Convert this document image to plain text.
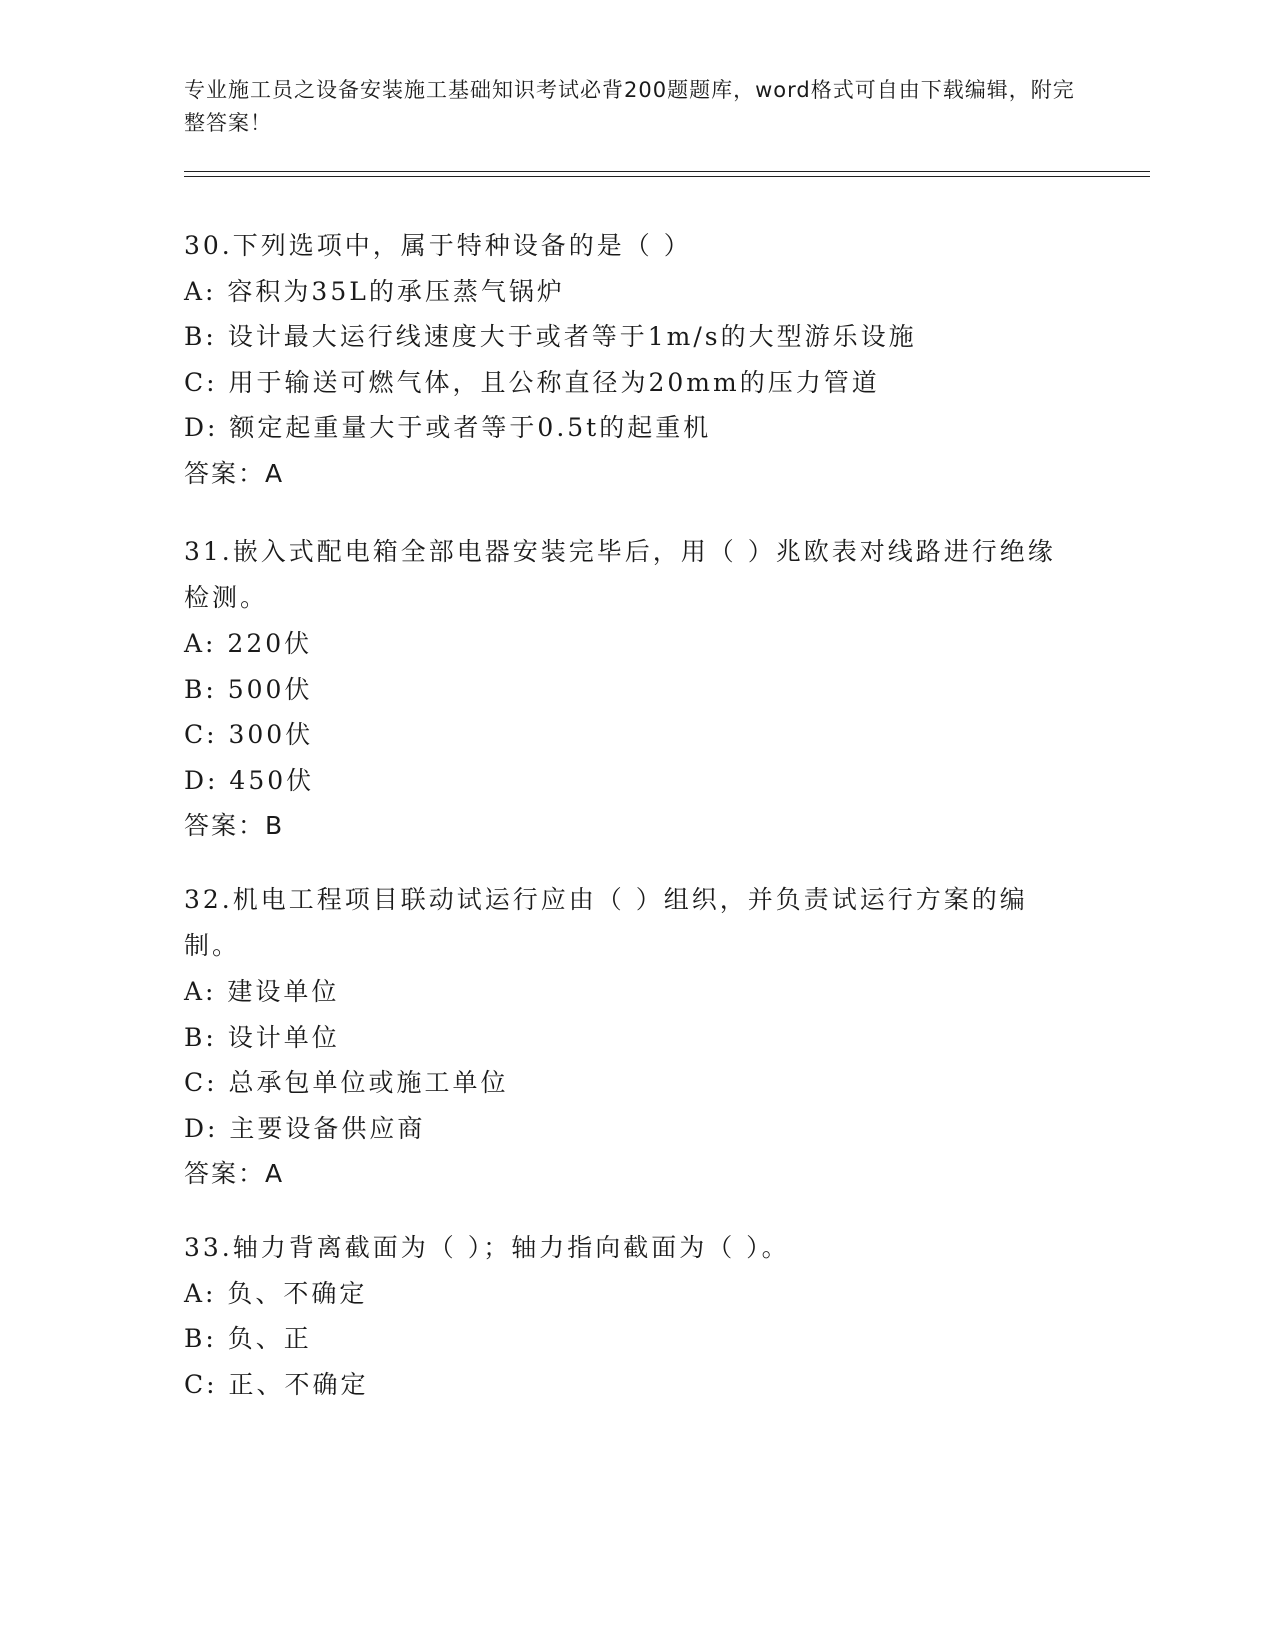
专业施工员之设备安装施工基础知识考试必背200题题库，word格式可自由下载编辑，附完整答案！
30.下列选项中，属于特种设备的是（ ）
A: 容积为35L的承压蒸气锅炉
B: 设计最大运行线速度大于或者等于1m/s的大型游乐设施
C: 用于输送可燃气体，且公称直径为20mm的压力管道
D: 额定起重量大于或者等于0.5t的起重机
答案：A
31.嵌入式配电箱全部电器安装完毕后，用（ ）兆欧表对线路进行绝缘检测。
A: 220伏
B: 500伏
C: 300伏
D: 450伏
答案：B
32.机电工程项目联动试运行应由（ ）组织，并负责试运行方案的编制。
A: 建设单位
B: 设计单位
C: 总承包单位或施工单位
D: 主要设备供应商
答案：A
33.轴力背离截面为（ ）；轴力指向截面为（ ）。
A: 负、不确定
B: 负、正
C: 正、不确定
